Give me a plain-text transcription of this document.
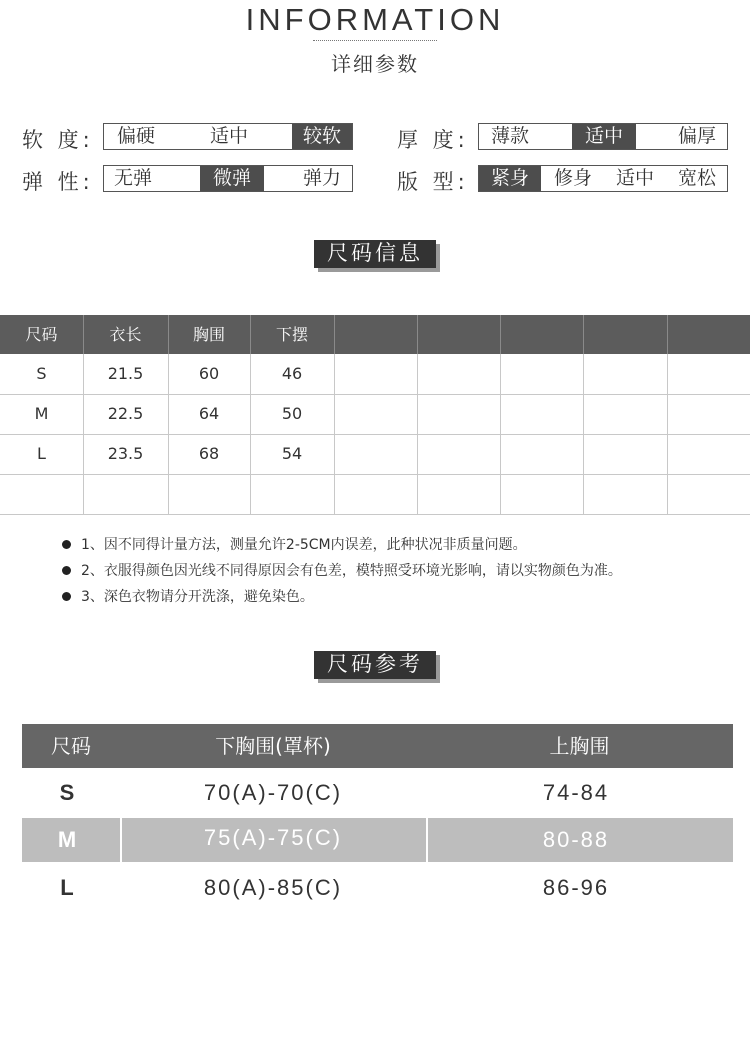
INFORMATION
详细参数
软 度:	偏硬	适中	较软	厚 度:	薄款	适中	偏厚
弹 性:	无弹	微弹	弹力	版 型:	紧身	修身	适中	宽松
尺码信息
尺码	衣长	胸围	下摆
S	21.5	60	46
M	22.5	64	50
L	23.5	68	54
1、因不同得计量方法，测量允许2-5CM内误差，此种状况非质量问题。
2、衣服得颜色因光线不同得原因会有色差，模特照受环境光影响，请以实物颜色为准。
3、深色衣物请分开洗涤，避免染色。
尺码参考
尺码	下胸围(罩杯)	上胸围
S	70(A)-70(C)	74-84
M	75(A)-75(C)	80-88
L	80(A)-85(C)	86-96
